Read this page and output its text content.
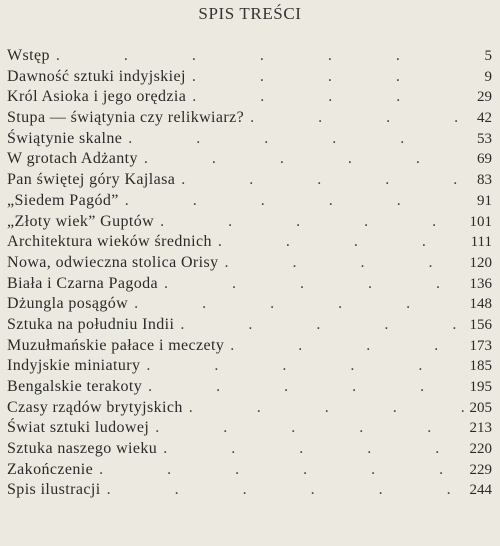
SPIS TREŚCI
Wstęp .	5
Dawność sztuki indyjskiej .	9
Król Asioka i jego orędzia .	29
Stupa — świątynia czy relikwiarz? .	42
Świątynie skalne .	53
W grotach Adżanty .	69
Pan świętej góry Kajlasa .	83
„Siedem Pagód” .	91
„Złoty wiek” Guptów .	101
Architektura wieków średnich .	111
Nowa, odwieczna stolica Orisy .	120
Biała i Czarna Pagoda .	136
Dżungla posągów .	148
Sztuka na południu Indii .	156
Muzułmańskie pałace i meczety .	173
Indyjskie miniatury .	185
Bengalskie terakoty .	195
Czasy rządów brytyjskich .	205
Świat sztuki ludowej .	213
Sztuka naszego wieku .	220
Zakończenie .	229
Spis ilustracji .	244
